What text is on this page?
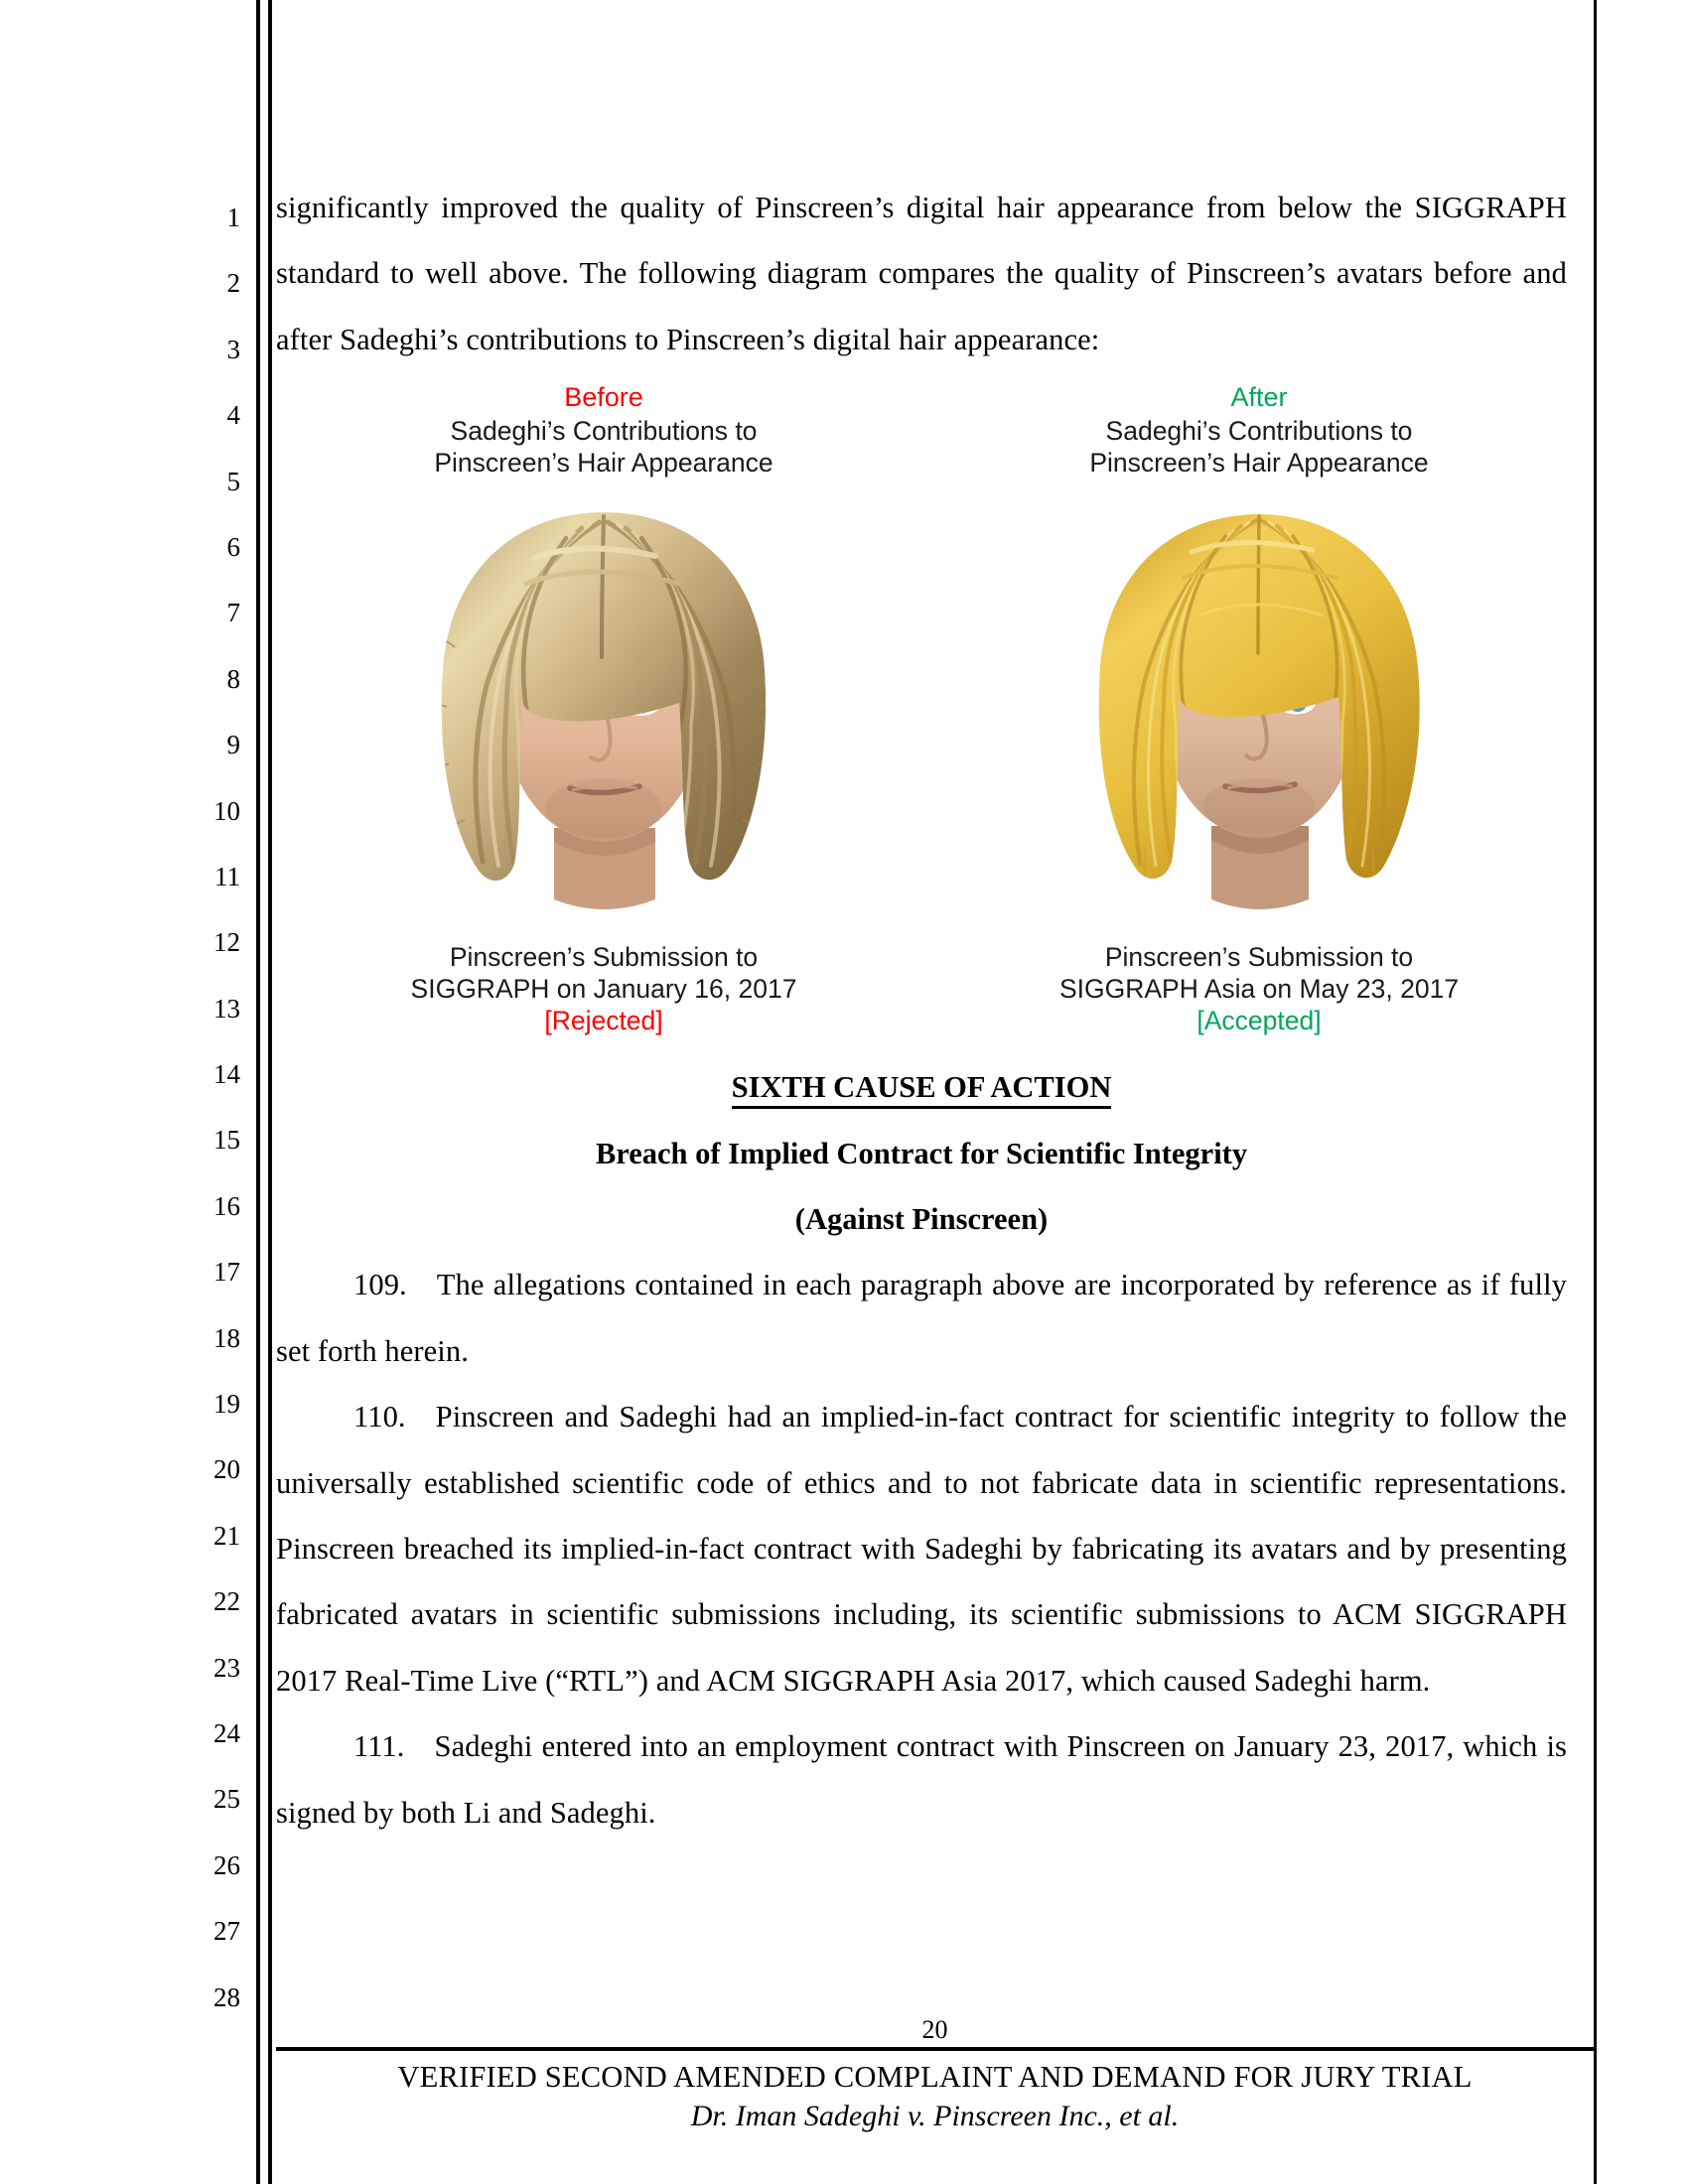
1
2
3
4
5
6
7
8
9
10
11
12
13
14
15
16
17
18
19
20
21
22
23
24
25
26
27
28

significantly improved the quality of Pinscreen’s digital hair appearance from below the SIGGRAPH standard to well above. The following diagram compares the quality of Pinscreen’s avatars before and after Sadeghi’s contributions to Pinscreen’s digital hair appearance:

Before
Sadeghi’s Contributions to
Pinscreen’s Hair Appearance
Pinscreen’s Submission to
SIGGRAPH on January 16, 2017
[Rejected]
After
Sadeghi’s Contributions to
Pinscreen’s Hair Appearance
Pinscreen’s Submission to
SIGGRAPH Asia on May 23, 2017
[Accepted]
SIXTH CAUSE OF ACTION
Breach of Implied Contract for Scientific Integrity
(Against Pinscreen)

109. The allegations contained in each paragraph above are incorporated by reference as if fully set forth herein.

110. Pinscreen and Sadeghi had an implied-in-fact contract for scientific integrity to follow the universally established scientific code of ethics and to not fabricate data in scientific representations. Pinscreen breached its implied-in-fact contract with Sadeghi by fabricating its avatars and by presenting fabricated avatars in scientific submissions including, its scientific submissions to ACM SIGGRAPH 2017 Real-Time Live (“RTL”) and ACM SIGGRAPH Asia 2017, which caused Sadeghi harm.

111. Sadeghi entered into an employment contract with Pinscreen on January 23, 2017, which is signed by both Li and Sadeghi.

20
VERIFIED SECOND AMENDED COMPLAINT AND DEMAND FOR JURY TRIAL
Dr. Iman Sadeghi v. Pinscreen Inc., et al.
